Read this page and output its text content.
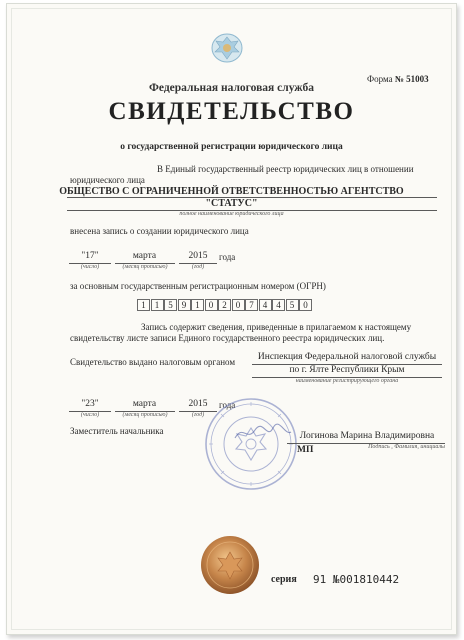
Форма № 51003
Федеральная налоговая служба
СВИДЕТЕЛЬСТВО
о государственной регистрации юридического лица
В Единый государственный реестр юридических лиц в отношении
юридического лица
ОБЩЕСТВО С ОГРАНИЧЕННОЙ ОТВЕТСТВЕННОСТЬЮ АГЕНТСТВО
"СТАТУС"
полное наименование юридического лица
внесена запись о создании юридического лица
"17"
(число)
марта
(месяц прописью)
2015
(год)
года
за основным государственным регистрационным номером (ОГРН)
1	1	5	9	1	0	2	0	7	4	4	5	0
Запись содержит сведения, приведенные в прилагаемом к настоящему
свидетельству листе записи Единого государственного реестра юридических лиц.
Свидетельство выдано налоговым органом	Инспекция Федеральной налоговой службы
по г. Ялте Республики Крым
наименование регистрирующего органа
"23"
(число)
марта
(месяц прописью)
2015
(год)
года
Заместитель начальника	Логинова Марина Владимировна
Подпись , Фамилия, инициалы
МП
серия 91 №001810442
